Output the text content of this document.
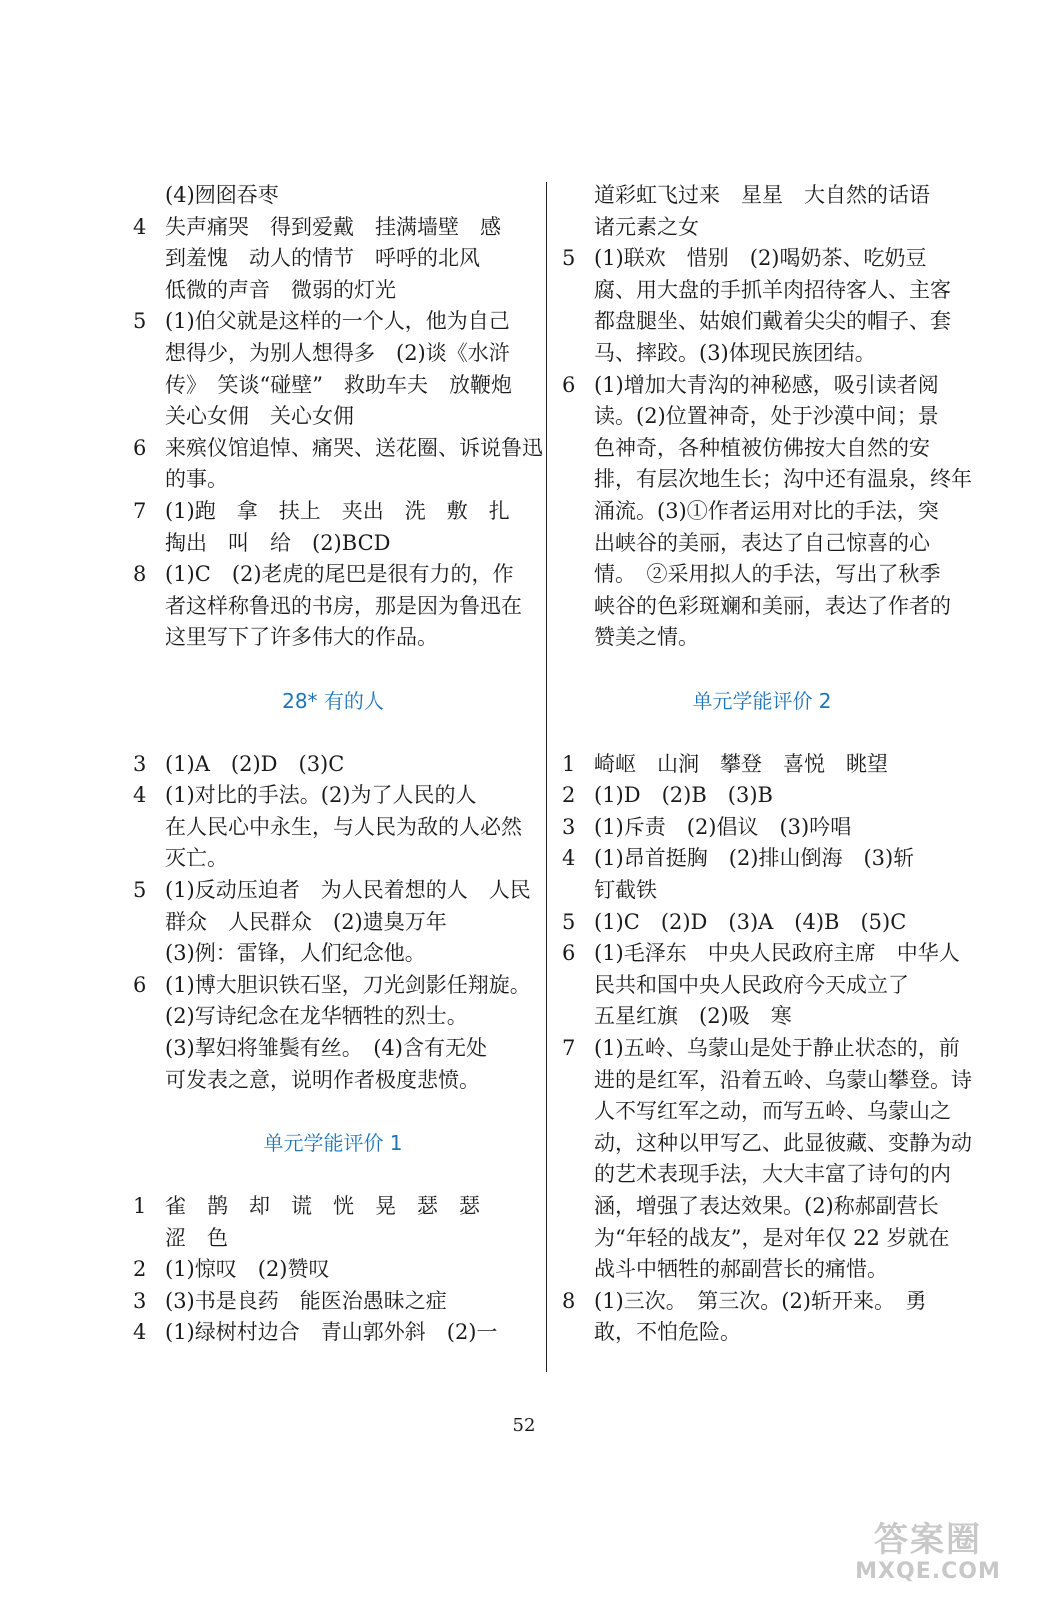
(4)囫囵吞枣
4 失声痛哭　得到爱戴　挂满墙壁　感
到羞愧　动人的情节　呼呼的北风
低微的声音　微弱的灯光
5 (1)伯父就是这样的一个人，他为自己
想得少，为别人想得多　(2)谈《水浒
传》　笑谈“碰壁”　救助车夫　放鞭炮
关心女佣　关心女佣
6 来殡仪馆追悼、痛哭、送花圈、诉说鲁迅
的事。
7 (1)跑　拿　扶上　夹出　洗　敷　扎
掏出　叫　给　(2)BCD
8 (1)C　(2)老虎的尾巴是很有力的，作
者这样称鲁迅的书房，那是因为鲁迅在
这里写下了许多伟大的作品。
28* 有的人
3 (1)A　(2)D　(3)C
4 (1)对比的手法。(2)为了人民的人
在人民心中永生，与人民为敌的人必然
灭亡。
5 (1)反动压迫者　为人民着想的人　人民
群众　人民群众　(2)遗臭万年
(3)例：雷锋，人们纪念他。
6 (1)博大胆识铁石坚，刀光剑影任翔旋。
(2)写诗纪念在龙华牺牲的烈士。
(3)挈妇将雏鬓有丝。　(4)含有无处
可发表之意，说明作者极度悲愤。
单元学能评价 1
1 雀　鹊　却　谎　恍　晃　瑟　瑟
涩　色
2 (1)惊叹　(2)赞叹
3 (3)书是良药　能医治愚昧之症
4 (1)绿树村边合　青山郭外斜　(2)一
道彩虹飞过来　星星　大自然的话语
诸元素之女
5 (1)联欢　惜别　(2)喝奶茶、吃奶豆
腐、用大盘的手抓羊肉招待客人、主客
都盘腿坐、姑娘们戴着尖尖的帽子、套
马、摔跤。(3)体现民族团结。
6 (1)增加大青沟的神秘感，吸引读者阅
读。(2)位置神奇，处于沙漠中间；景
色神奇，各种植被仿佛按大自然的安
排，有层次地生长；沟中还有温泉，终年
涌流。(3)①作者运用对比的手法，突
出峡谷的美丽，表达了自己惊喜的心
情。　②采用拟人的手法，写出了秋季
峡谷的色彩斑斓和美丽，表达了作者的
赞美之情。
单元学能评价 2
1 崎岖　山涧　攀登　喜悦　眺望
2 (1)D　(2)B　(3)B
3 (1)斥责　(2)倡议　(3)吟唱
4 (1)昂首挺胸　(2)排山倒海　(3)斩
钉截铁
5 (1)C　(2)D　(3)A　(4)B　(5)C
6 (1)毛泽东　中央人民政府主席　中华人
民共和国中央人民政府今天成立了
五星红旗　(2)吸　寒
7 (1)五岭、乌蒙山是处于静止状态的，前
进的是红军，沿着五岭、乌蒙山攀登。诗
人不写红军之动，而写五岭、乌蒙山之
动，这种以甲写乙、此显彼藏、变静为动
的艺术表现手法，大大丰富了诗句的内
涵，增强了表达效果。(2)称郝副营长
为“年轻的战友”，是对年仅 22 岁就在
战斗中牺牲的郝副营长的痛惜。
8 (1)三次。　第三次。(2)斩开来。　勇
敢，不怕危险。
52
答案圈
MXQE.COM
